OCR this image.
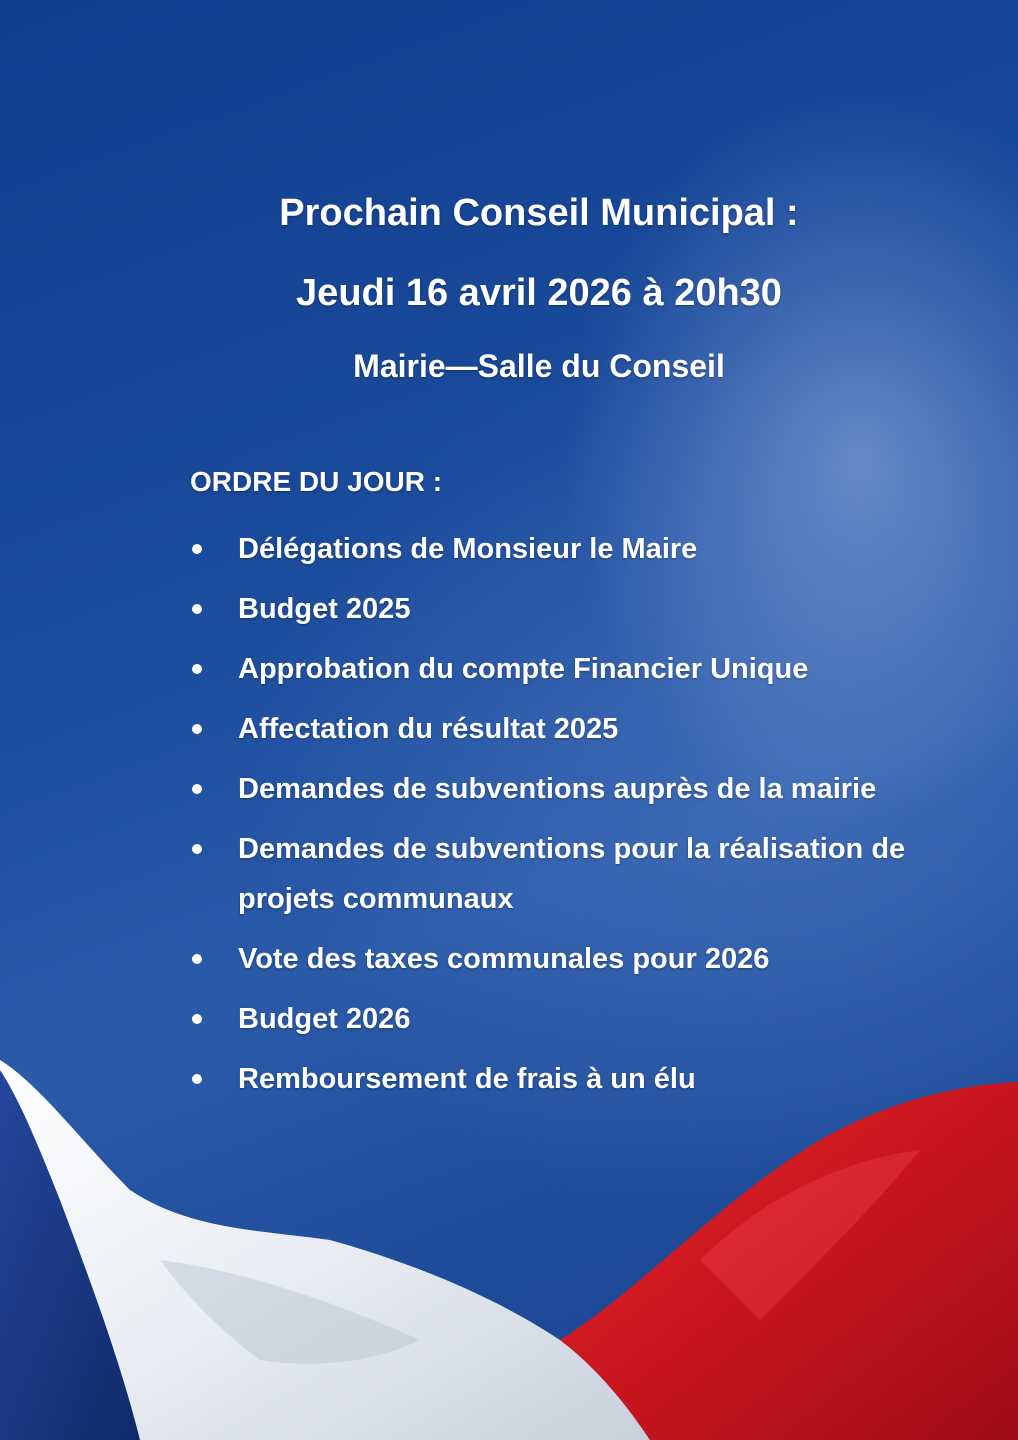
Prochain Conseil Municipal :
Jeudi 16 avril 2026 à 20h30
Mairie—Salle du Conseil
ORDRE DU JOUR :
Délégations de Monsieur le Maire
Budget 2025
Approbation du compte Financier Unique
Affectation du résultat 2025
Demandes de subventions auprès de la mairie
Demandes de subventions pour la réalisation de projets communaux
Vote des taxes communales pour 2026
Budget 2026
Remboursement de frais à un élu
